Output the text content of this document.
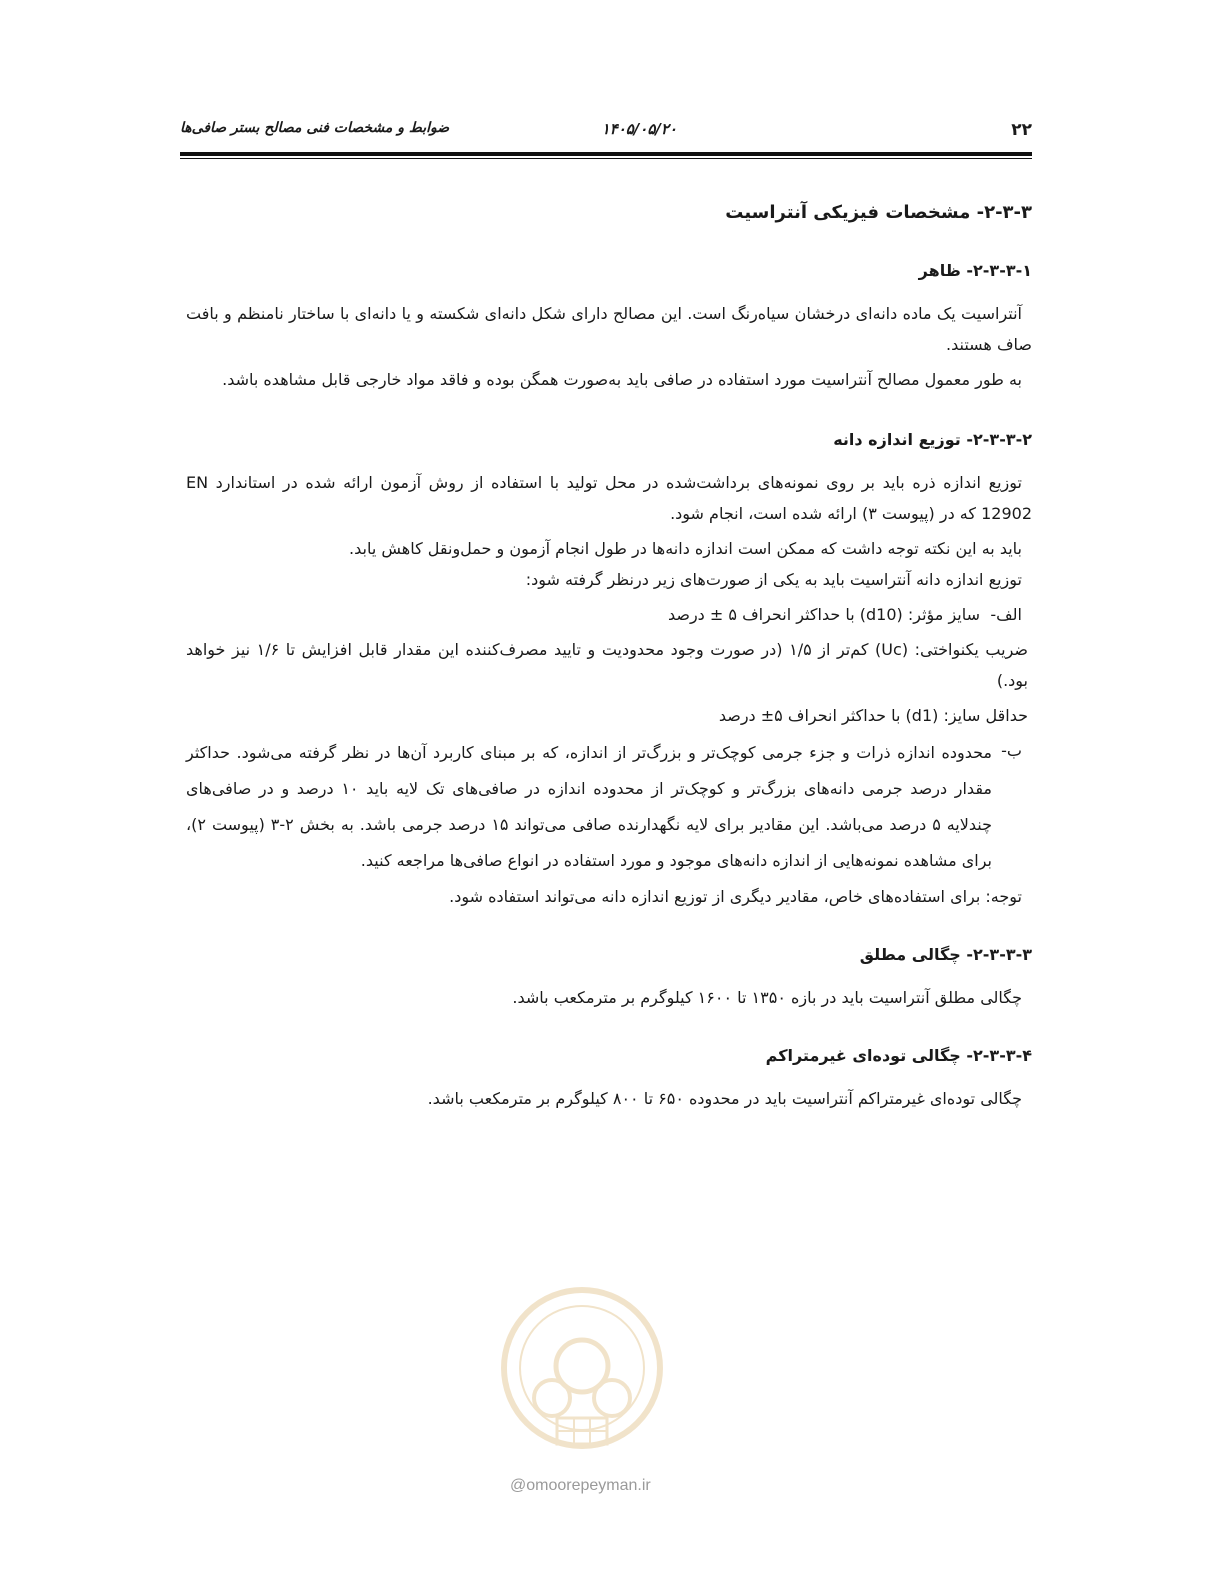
۲۲
۱۴۰۵/۰۵/۲۰
ضوابط و مشخصات فنی مصالح بستر صافی‌ها
۲-۳-۳- مشخصات فیزیکی آنتراسیت
۲-۳-۳-۱- ظاهر

آنتراسیت یک ماده دانه‌ای درخشان سیاه‌رنگ است. این مصالح دارای شکل دانه‌ای شکسته و یا دانه‌ای با ساختار نامنظم و بافت صاف هستند.

به طور معمول مصالح آنتراسیت مورد استفاده در صافی باید به‌صورت همگن بوده و فاقد مواد خارجی قابل مشاهده باشد.

۲-۳-۳-۲- توزیع اندازه دانه

توزیع اندازه ذره باید بر روی نمونه‌های برداشت‌شده در محل تولید با استفاده از روش آزمون ارائه شده در استاندارد EN 12902 که در (پیوست ۳) ارائه شده است، انجام شود.

باید به این نکته توجه داشت که ممکن است اندازه دانه‌ها در طول انجام آزمون و حمل‌ونقل کاهش یابد.

توزیع اندازه دانه آنتراسیت باید به یکی از صورت‌های زیر درنظر گرفته شود:

الف-

سایز مؤثر: (d10) با حداکثر انحراف ۵ ± درصد

ضریب یکنواختی: (Uc) کم‌تر از ۱/۵ (در صورت وجود محدودیت و تایید مصرف‌کننده این مقدار قابل افزایش تا ۱/۶ نیز خواهد بود.)

حداقل سایز: (d1) با حداکثر انحراف ۵± درصد

ب-

محدوده اندازه ذرات و جزء جرمی کوچک‌تر و بزرگ‌تر از اندازه، که بر مبنای کاربرد آن‌ها در نظر گرفته می‌شود. حداکثر مقدار درصد جرمی دانه‌های بزرگ‌تر و کوچک‌تر از محدوده اندازه در صافی‌های تک لایه باید ۱۰ درصد و در صافی‌های چندلایه ۵ درصد می‌باشد. این مقادیر برای لایه نگهدارنده صافی می‌تواند ۱۵ درصد جرمی باشد. به بخش ۲-۳ (پیوست ۲)، برای مشاهده نمونه‌هایی از اندازه دانه‌های موجود و مورد استفاده در انواع صافی‌ها مراجعه کنید.

توجه: برای استفاده‌های خاص، مقادیر دیگری از توزیع اندازه دانه می‌تواند استفاده شود.

۲-۳-۳-۳- چگالی مطلق

چگالی مطلق آنتراسیت باید در بازه ۱۳۵۰ تا ۱۶۰۰ کیلوگرم بر مترمکعب باشد.

۲-۳-۳-۴- چگالی توده‌ای غیرمتراکم

چگالی توده‌ای غیرمتراکم آنتراسیت باید در محدوده ۶۵۰ تا ۸۰۰ کیلوگرم بر مترمکعب باشد.

@omoorepeyman.ir
